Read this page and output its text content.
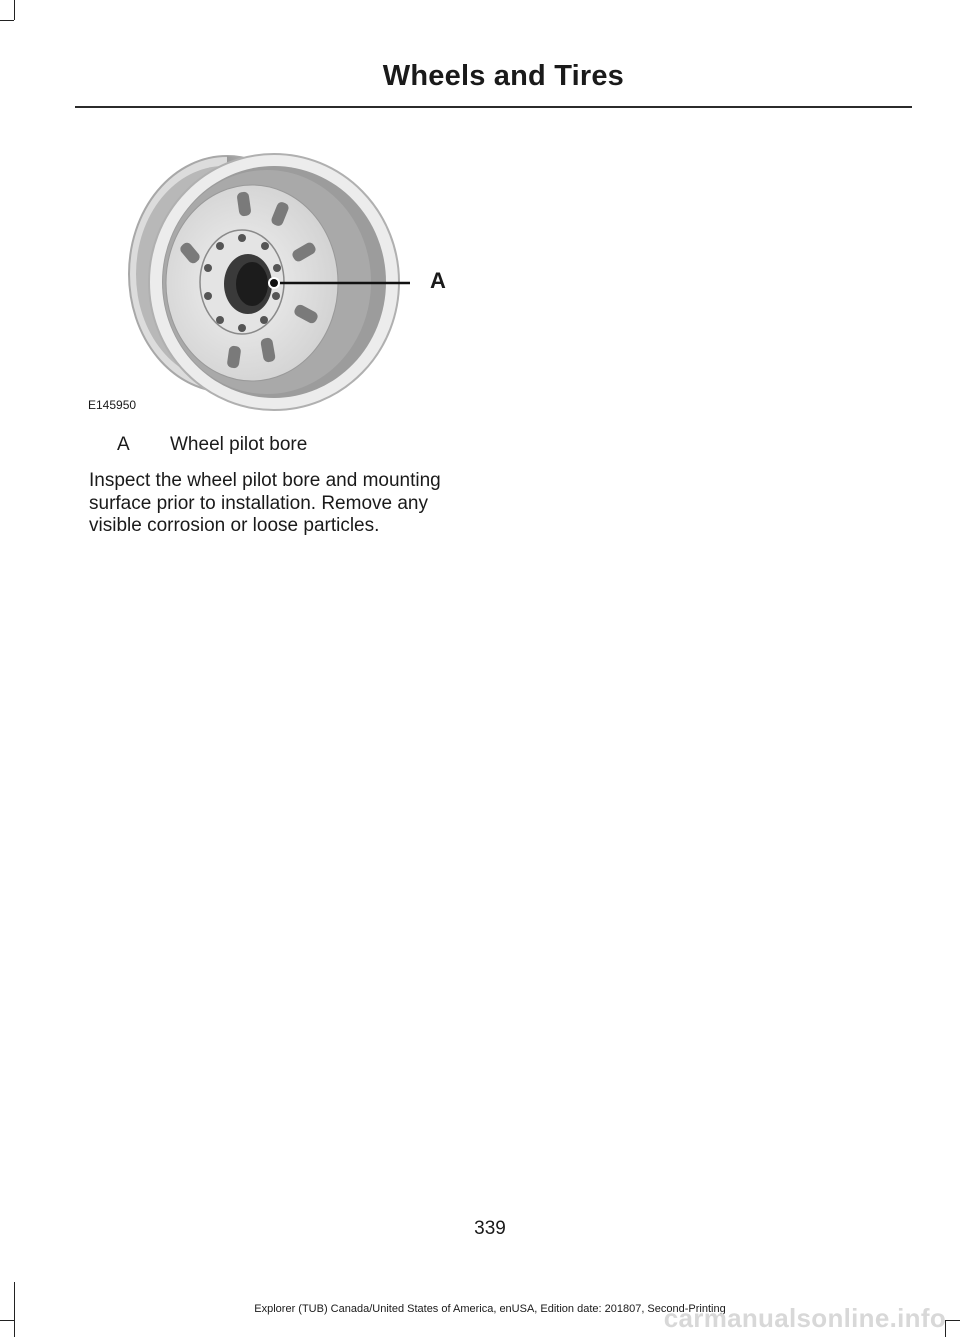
Wheels and Tires
A
E145950
A Wheel pilot bore
Inspect the wheel pilot bore and mounting surface prior to installation. Remove any visible corrosion or loose particles.
339
Explorer (TUB) Canada/United States of America, enUSA, Edition date: 201807, Second-Printing
carmanualsonline.info
